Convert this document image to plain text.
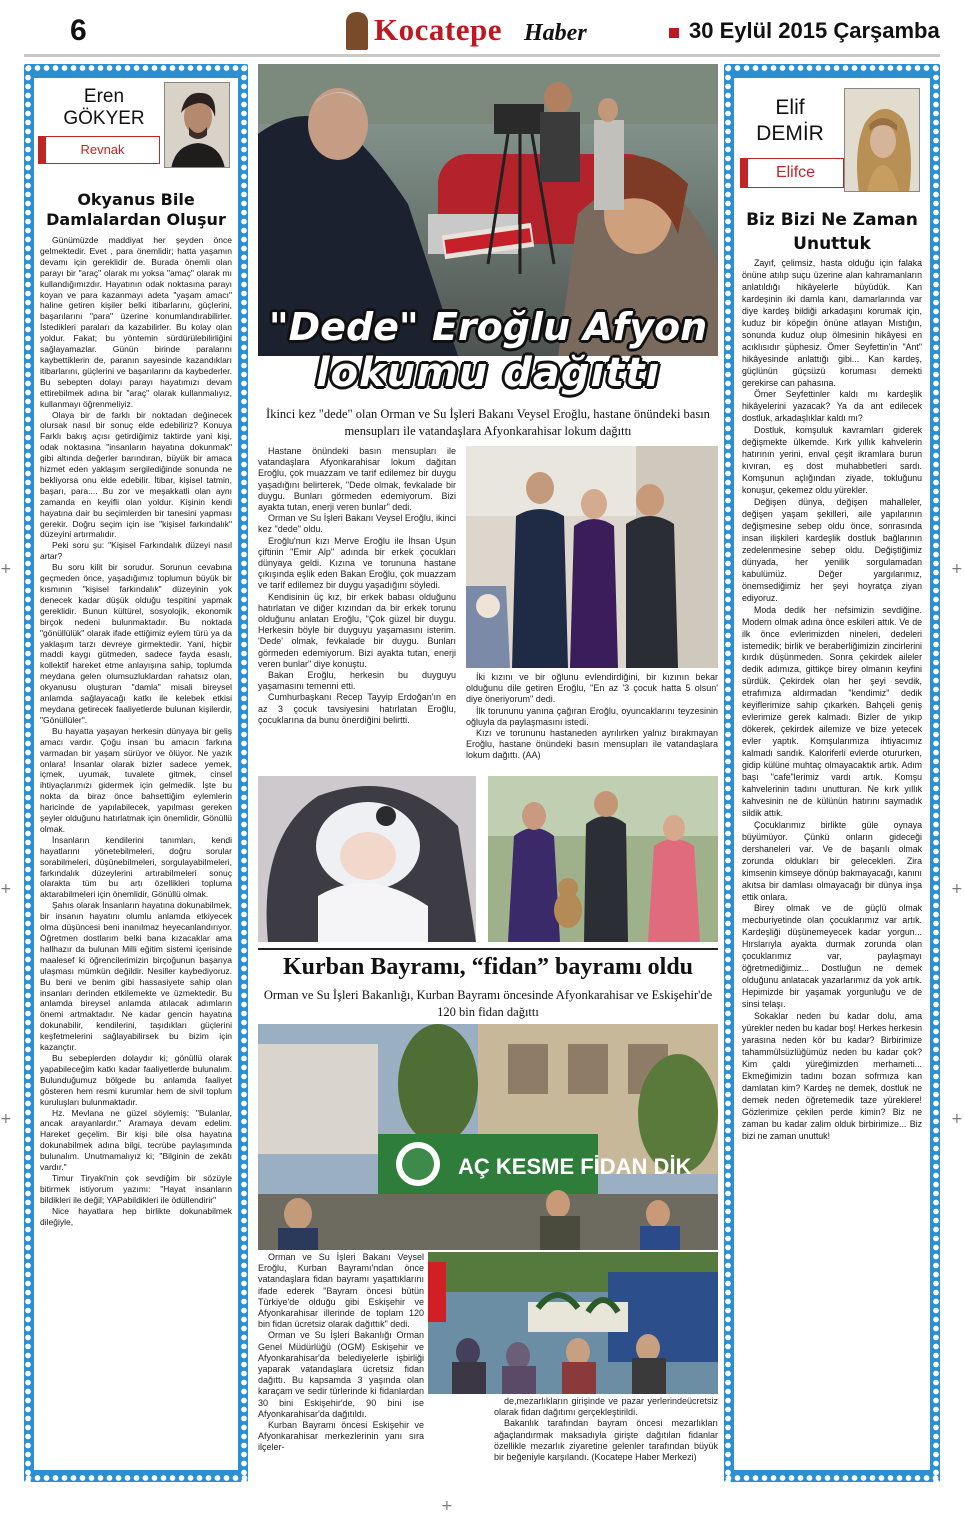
+
+
+
+
+
+
+
6	Kocatepe Haber	30 Eylül 2015 Çarşamba
Eren
GÖKYER
Revnak
Okyanus Bile Damlalardan Oluşur

Günümüzde maddiyat her şeyden önce gelmektedir. Evet , para önemlidir; hatta yaşamın devamı için gereklidir de. Burada önemli olan parayı bir "araç" olarak mı yoksa "amaç" olarak mı kullandığımızdır. Hayatının odak noktasına parayı koyan ve para kazanmayı adeta "yaşam amacı" haline getiren kişiler belki itibarlarını, güçlerini, başarılarını "para" üzerine konumlandırabilirler. İstedikleri paraları da kazabilirler. Bu kolay olan yoldur. Fakat; bu yöntemin sürdürülebilirliğini sağlayamazlar. Günün birinde paralarını kaybettiklerin de, paranın sayesinde kazandıkları itibarlarını, güçlerini ve başarılarını da kaybederler. Bu sebepten dolayı parayı hayatımızı devam ettirebilmek adına bir "araç" olarak kullanmalıyız, kullanmayı öğrenmeliyiz.

Olaya bir de farklı bir noktadan değinecek olursak nasıl bir sonuç elde edebiliriz? Konuya Farklı bakış açısı getirdiğimiz taktirde yani kişi, odak noktasına "insanların hayatına dokunmak" gibi altında değerler barındıran, büyük bir amaca hizmet eden yaklaşım sergilediğinde sonunda ne bekliyorsa onu elde edebilir. İtibar, kişisel tatmin, başarı, para.... Bu zor ve meşakkatli olan aynı zamanda en keyifli olan yoldur. Kişinin kendi hayatına dair bu seçimlerden bir tanesini yapması gerekir. Doğru seçim için ise "kişisel farkındalık" düzeyini artırmalıdır.

Peki soru şu: "Kişisel Farkındalık düzeyi nasıl artar?

Bu soru kilit bir sorudur. Sorunun cevabına geçmeden önce, yaşadığımız toplumun büyük bir kısmının "kişisel farkındalık" düzeyinin yok denecek kadar düşük olduğu tespitini yapmak gereklidir. Bunun kültürel, sosyolojik, ekonomik birçok nedeni bulunmaktadır. Bu noktada "gönüllülük" olarak ifade ettiğimiz eylem türü ya da yaklaşım tarzı devreye girmektedir. Yani, hiçbir maddi kaygı gütmeden, sadece fayda esaslı, kollektif hareket etme anlayışına sahip, toplumda meydana gelen olumsuzluklardan rahatsız olan, okyanusu oluşturan "damla" misali bireysel anlamda sağlayacağı katkı ile kelebek etkisi meydana getirecek faaliyetlerde bulunan kişilerdir, "Gönüllüler".

Bu hayatta yaşayan herkesin dünyaya bir geliş amacı vardır. Çoğu insan bu amacın farkına varmadan bir yaşam sürüyor ve ölüyor. Ne yazık onlara! İnsanlar olarak bizler sadece yemek, içmek, uyumak, tuvalete gitmek, cinsel ihtiyaçlarımızı gidermek için gelmedik. İşte bu nokta da biraz önce bahsettiğim eylemlerin haricinde de yapılabilecek, yapılması gereken şeyler olduğunu hatırlatmak için önemlidir, Gönüllü olmak.

İnsanların kendilerini tanımları, kendi hayatlarını yönetebilmeleri, doğru sorular sorabilmeleri, düşünebilmeleri, sorgulayabilmeleri, farkındalık düzeylerini artırabilmeleri sonuç olarakta tüm bu artı özellikleri topluma aktarabilmeleri için önemlidir, Gönüllü olmak.

Şahıs olarak İnsanların hayatına dokunabilmek, bir insanın hayatını olumlu anlamda etkiyecek olma düşüncesi beni inanılmaz heyecanlandırıyor. Öğretmen dostlarım belki bana kızacaklar ama hallhazır da bulunan Milli eğitim sistemi içerisinde maalesef ki öğrencilerimizin birçoğunun başarıya ulaşması mümkün değildir. Nesiller kaybediyoruz. Bu beni ve benim gibi hassasiyete sahip olan insanları derinden etkilemekte ve üzmektedir. Bu anlamda bireysel anlamda atılacak adımların önemi artmaktadır. Ne kadar gencin hayatına dokunabilir, kendilerini, taşıdıkları güçlerini keşfetmelerini sağlayabilirsek bu bizim için kazançtır.

Bu sebeplerden dolaydır ki; gönüllü olarak yapabileceğim katkı kadar faaliyetlerde bulunalım. Bulunduğumuz bölgede bu anlamda faaliyet gösteren hem resmi kurumlar hem de sivil toplum kuruluşları bulunmaktadır.

Hz. Mevlana ne güzel söylemiş: "Bulanlar, ancak arayanlardır." Aramaya devam edelim. Hareket geçelim. Bir kişi bile olsa hayatına dokunabilmek adına bilgi, tecrübe paylaşımında bulunalım. Unutmamalıyız ki; "Bilginin de zekâtı vardır."

Timur Tiryaki'nin çok sevdiğim bir sözüyle bitirmek istiyorum yazımı: "Hayat insanların bildikleri ile değil; YAPabildikleri ile ödüllendirir"

Nice hayatlara hep birlikte dokunabilmek dileğiyle,

Elif
DEMİR
Elifce
Biz Bizi Ne Zaman Unuttuk

Zayıf, çelimsiz, hasta olduğu için falaka önüne atılıp suçu üzerine alan kahramanların anlatıldığı hikâyelerle büyüdük. Kan kardeşinin iki damla kanı, damarlarında var diye kardeş bildiği arkadaşını korumak için, kuduz bir köpeğin önüne atlayan Mıstığın, sonunda kuduz olup ölmesinin hikâyesi en acıklısıdır şüphesiz. Ömer Seyfettin'in "Ant" hikâyesinde anlattığı gibi... Kan kardeş, güçlünün güçsüzü koruması demekti gerekirse can pahasına.

Ömer Seyfettinler kaldı mı kardeşlik hikâyelerini yazacak? Ya da ant edilecek dostluk, arkadaşlıklar kaldı mı?

Dostluk, komşuluk kavramları giderek değişmekte ülkemde. Kırk yıllık kahvelerin hatırının yerini, enval çeşit ikramlara burun kıvıran, eş dost muhabbetleri sardı. Komşunun açlığından ziyade, tokluğunu konuşur, çekemez oldu yürekler.

Değişen dünya, değişen mahalleler, değişen yaşam şekilleri, aile yapılarının değişmesine sebep oldu önce, sonrasında insan ilişkileri kardeşlik dostluk bağlarının zedelenmesine sebep oldu. Değiştiğimiz dünyada, her yenilik sorgulamadan kabulümüz. Değer yargılarımız, önemsediğimiz her şeyi hoyratça ziyan ediyoruz.

Moda dedik her nefsimizin sevdiğine. Modern olmak adına önce eskileri attık. Ve de ilk önce evlerimizden nineleri, dedeleri istemedik; birlik ve beraberliğimizin zincirlerini kırdık düşünmeden. Sonra çekirdek aileler dedik adımıza, gittikçe birey olmanın keyfini sürdük. Çekirdek olan her şeyi sevdik, etrafımıza aldırmadan "kendimiz" dedik keyiflerimize sahip çıkarken. Bahçeli geniş evlerimize gerek kalmadı. Bizler de yıkıp dökerek, çekirdek ailemize ve bize yetecek evler yaptık. Komşularımıza ihtiyacımız kalmadı sandık. Kaloriferli evlerde otururken, gidip külüne muhtaç olmayacaktık artık. Adım başı "cafe"lerimiz vardı artık. Komşu kahvelerinin tadını unutturan. Ne kırk yıllık kahvesinin ne de külünün hatırını saymadık sildik attık.

Çocuklarımız birlikte güle oynaya büyümüyor. Çünkü onların gideceği dershaneleri var. Ve de başarılı olmak zorunda oldukları bir gelecekleri. Zira kimsenin kimseye dönüp bakmayacağı, kanını akıtsa bir damlası olmayacağı bir dünya inşa ettik onlara.

Birey olmak ve de güçlü olmak mecburiyetinde olan çocuklarımız var artık. Kardeşliği düşünemeyecek kadar yorgun... Hırslarıyla ayakta durmak zorunda olan çocuklarımız var, paylaşmayı öğretmediğimiz... Dostluğun ne demek olduğunu anlatacak yazarlarımız da yok artık. Hepimizde bir yaşamak yorgunluğu ve de sinsi telaşı.

Sokaklar neden bu kadar dolu, ama yürekler neden bu kadar boş! Herkes herkesin yarasına neden kör bu kadar? Birbirimize tahammülsüzlüğümüz neden bu kadar çok? Kim çaldı yüreğimizden merhameti... Ekmeğimizin tadını bozan sofrmıza kan damlatan kim? Kardeş ne demek, dostluk ne demek neden öğretemedik taze yüreklere! Gözlerimize çekilen perde kimin? Biz ne zaman bu kadar zalim olduk birbirimize... Biz bizi ne zaman unuttuk!

"Dede" Eroğlu Afyon
lokumu dağıttı
İkinci kez "dede" olan Orman ve Su İşleri Bakanı Veysel Eroğlu, hastane önündeki basın mensupları ile vatandaşlara Afyonkarahisar lokum dağıttı

Hastane önündeki basın mensupları ile vatandaşlara Afyonkarahisar lokum dağıtan Eroğlu, çok muazzam ve tarif edilemez bir duygu yaşadığını belirterek, "Dede olmak, fevkalade bir duygu. Bunları görmeden edemiyorum. Bizi ayakta tutan, enerji veren bunlar" dedi.

Orman ve Su İşleri Bakanı Veysel Eroğlu, ikinci kez "dede" oldu.

Eroğlu'nun kızı Merve Eroğlu ile İhsan Uşun çiftinin "Emir Alp" adında bir erkek çocukları dünyaya geldi. Kızına ve torununa hastane çıkışında eşlik eden Bakan Eroğlu, çok muazzam ve tarif edilemez bir duygu yaşadığını söyledi.

Kendisinin üç kız, bir erkek babası olduğunu hatırlatan ve diğer kızından da bir erkek torunu olduğunu anlatan Eroğlu, "Çok güzel bir duygu. Herkesin böyle bir duyguyu yaşamasını isterim. 'Dede' olmak, fevkalade bir duygu. Bunları görmeden edemiyorum. Bizi ayakta tutan, enerji veren bunlar" diye konuştu.

Bakan Eroğlu, herkesin bu duyguyu yaşamasını temenni etti.

Cumhurbaşkanı Recep Tayyip Erdoğan'ın en az 3 çocuk tavsiyesini hatırlatan Eroğlu, çocuklarına da bunu önerdiğini belirtti.

İki kızını ve bir oğlunu evlendirdiğini, bir kızının bekar olduğunu dile getiren Eroğlu, "En az '3 çocuk hatta 5 olsun' diye öneriyorum" dedi.

İlk torununu yanına çağıran Eroğlu, oyuncaklarını teyzesinin oğluyla da paylaşmasını istedi.

Kızı ve torununu hastaneden ayrılırken yalnız bırakmayan Eroğlu, hastane önündeki basın mensupları ile vatandaşlara lokum dağıttı. (AA)

Kurban Bayramı, “fidan” bayramı oldu
Orman ve Su İşleri Bakanlığı, Kurban Bayramı öncesinde Afyonkarahisar ve Eskişehir'de 120 bin fidan dağıttı
AÇ KESME FİDAN DİK

Orman ve Su İşleri Bakanı Veysel Eroğlu, Kurban Bayramı'ndan önce vatandaşlara fidan bayramı yaşattıklarını ifade ederek "Bayram öncesi bütün Türkiye'de olduğu gibi Eskişehir ve Afyonkarahisar illerinde de toplam 120 bin fidan ücretsiz olarak dağıttık" dedi.

Orman ve Su İşleri Bakanlığı Orman Genel Müdürlüğü (OGM) Eskişehir ve Afyonkarahisar'da belediyelerle işbirliği yaparak vatandaşlara ücretsiz fidan dağıttı. Bu kapsamda 3 yaşında olan karaçam ve sedir türlerinde ki fidanlardan 30 bini Eskişehir'de, 90 bini ise Afyonkarahisar'da dağıtıldı.

Kurban Bayramı öncesi Eskişehir ve Afyonkarahisar merkezlerinin yanı sıra ilçeler-

de,mezarlıkların girişinde ve pazar yerlerindeücretsiz olarak fidan dağıtımı gerçekleştirildi.

Bakanlık tarafından bayram öncesi mezarlıkları ağaçlandırmak maksadıyla girişte dağıtılan fidanlar özellikle mezarlık ziyaretine gelenler tarafından büyük bir beğeniyle karşılandı. (Kocatepe Haber Merkezi)
